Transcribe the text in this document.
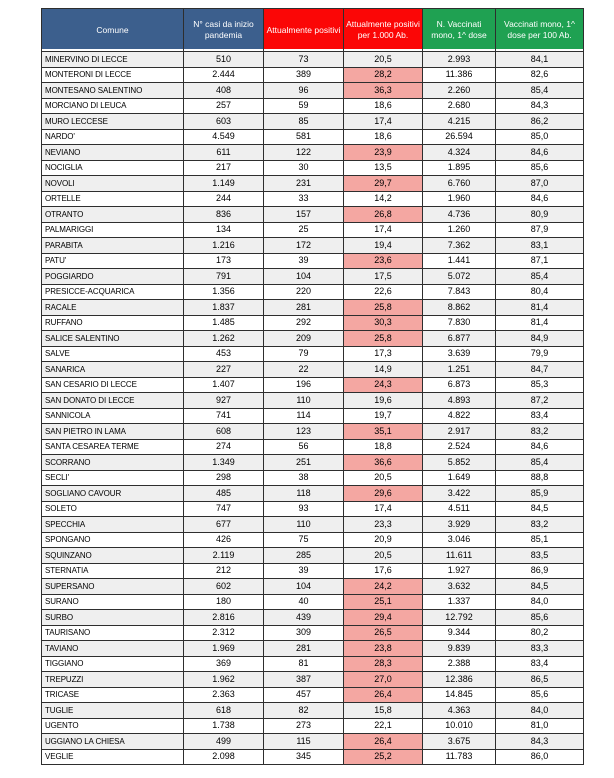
Comune	N° casi da inizio pandemia	Attualmente positivi	Attualmente positivi per 1.000 Ab.	N. Vaccinati mono, 1^ dose	Vaccinati mono, 1^ dose per 100 Ab.
MINERVINO DI LECCE	510	73	20,5	2.993	84,1
MONTERONI DI LECCE	2.444	389	28,2	11.386	82,6
MONTESANO SALENTINO	408	96	36,3	2.260	85,4
MORCIANO DI LEUCA	257	59	18,6	2.680	84,3
MURO LECCESE	603	85	17,4	4.215	86,2
NARDO'	4.549	581	18,6	26.594	85,0
NEVIANO	611	122	23,9	4.324	84,6
NOCIGLIA	217	30	13,5	1.895	85,6
NOVOLI	1.149	231	29,7	6.760	87,0
ORTELLE	244	33	14,2	1.960	84,6
OTRANTO	836	157	26,8	4.736	80,9
PALMARIGGI	134	25	17,4	1.260	87,9
PARABITA	1.216	172	19,4	7.362	83,1
PATU'	173	39	23,6	1.441	87,1
POGGIARDO	791	104	17,5	5.072	85,4
PRESICCE-ACQUARICA	1.356	220	22,6	7.843	80,4
RACALE	1.837	281	25,8	8.862	81,4
RUFFANO	1.485	292	30,3	7.830	81,4
SALICE SALENTINO	1.262	209	25,8	6.877	84,9
SALVE	453	79	17,3	3.639	79,9
SANARICA	227	22	14,9	1.251	84,7
SAN CESARIO DI LECCE	1.407	196	24,3	6.873	85,3
SAN DONATO DI LECCE	927	110	19,6	4.893	87,2
SANNICOLA	741	114	19,7	4.822	83,4
SAN PIETRO IN LAMA	608	123	35,1	2.917	83,2
SANTA CESAREA TERME	274	56	18,8	2.524	84,6
SCORRANO	1.349	251	36,6	5.852	85,4
SECLI'	298	38	20,5	1.649	88,8
SOGLIANO CAVOUR	485	118	29,6	3.422	85,9
SOLETO	747	93	17,4	4.511	84,5
SPECCHIA	677	110	23,3	3.929	83,2
SPONGANO	426	75	20,9	3.046	85,1
SQUINZANO	2.119	285	20,5	11.611	83,5
STERNATIA	212	39	17,6	1.927	86,9
SUPERSANO	602	104	24,2	3.632	84,5
SURANO	180	40	25,1	1.337	84,0
SURBO	2.816	439	29,4	12.792	85,6
TAURISANO	2.312	309	26,5	9.344	80,2
TAVIANO	1.969	281	23,8	9.839	83,3
TIGGIANO	369	81	28,3	2.388	83,4
TREPUZZI	1.962	387	27,0	12.386	86,5
TRICASE	2.363	457	26,4	14.845	85,6
TUGLIE	618	82	15,8	4.363	84,0
UGENTO	1.738	273	22,1	10.010	81,0
UGGIANO LA CHIESA	499	115	26,4	3.675	84,3
VEGLIE	2.098	345	25,2	11.783	86,0
